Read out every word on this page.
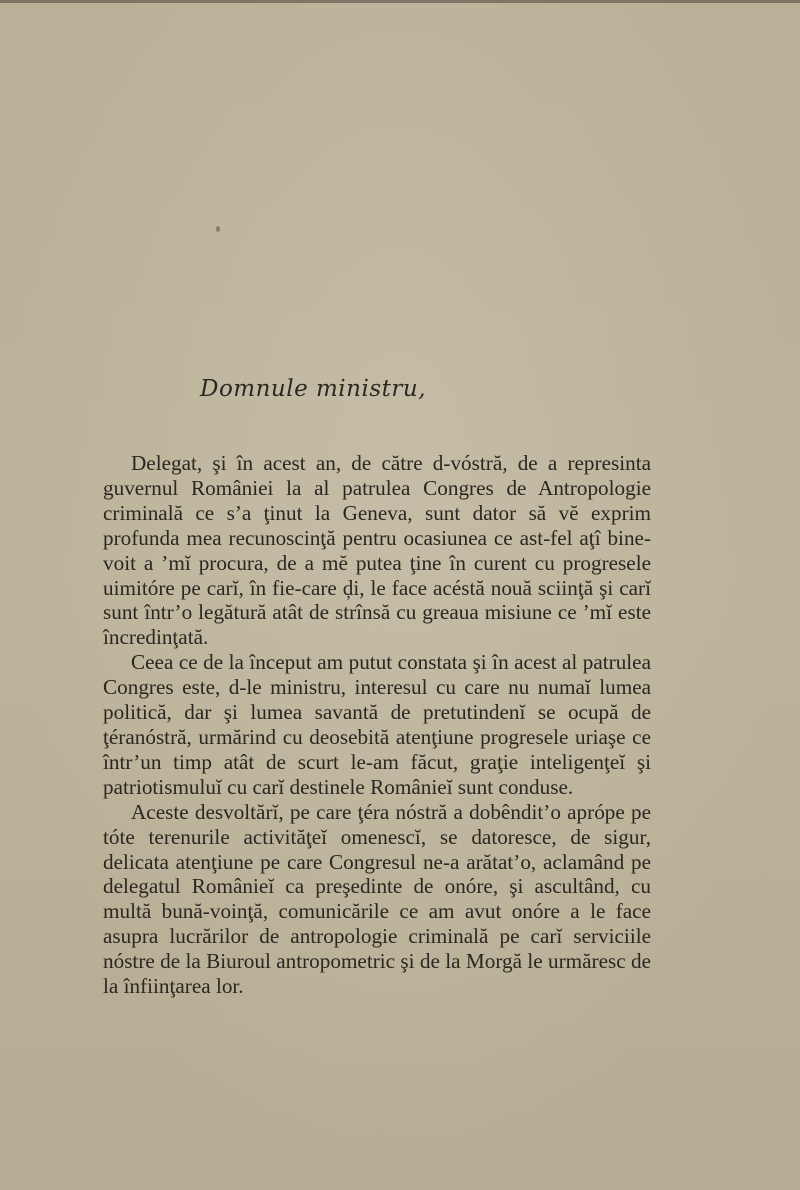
Domnule ministru,

Delegat, şi în acest an, de către d-vóstră, de a represinta guvernul României la al patrulea Congres de Antropologie criminală ce s’a ţinut la Geneva, sunt dator să vĕ exprim profunda mea recunoscinţă pentru ocasiunea ce ast-fel aţî bine-voit a ’mĭ procura, de a mĕ putea ţine în curent cu progresele uimitóre pe carĭ, în fie-care ḑi, le face acéstă nouă sciinţă şi carĭ sunt într’o legătură atât de strînsă cu greaua misiune ce ’mĭ este încredinţată.

Ceea ce de la început am putut constata şi în acest al patrulea Congres este, d-le ministru, interesul cu care nu numaĭ lumea politică, dar şi lumea savantă de pretutindenĭ se ocupă de ţéranóstră, urmărind cu deosebită atenţiune progresele uriaşe ce într’un timp atât de scurt le-am făcut, graţie inteligenţeĭ şi patriotismuluĭ cu carĭ destinele Românieĭ sunt conduse.

Aceste desvoltărĭ, pe care ţéra nóstră a dobêndit’o aprópe pe tóte terenurile activităţeĭ omenescĭ, se datoresce, de sigur, delicata atenţiune pe care Congresul ne-a arătat’o, aclamând pe delegatul Românieĭ ca preşedinte de onóre, şi ascultând, cu multă bună-voinţă, comunicările ce am avut onóre a le face asupra lucrărilor de antropologie criminală pe carĭ serviciile nóstre de la Biuroul antropometric şi de la Morgă le urmăresc de la înfiinţarea lor.
